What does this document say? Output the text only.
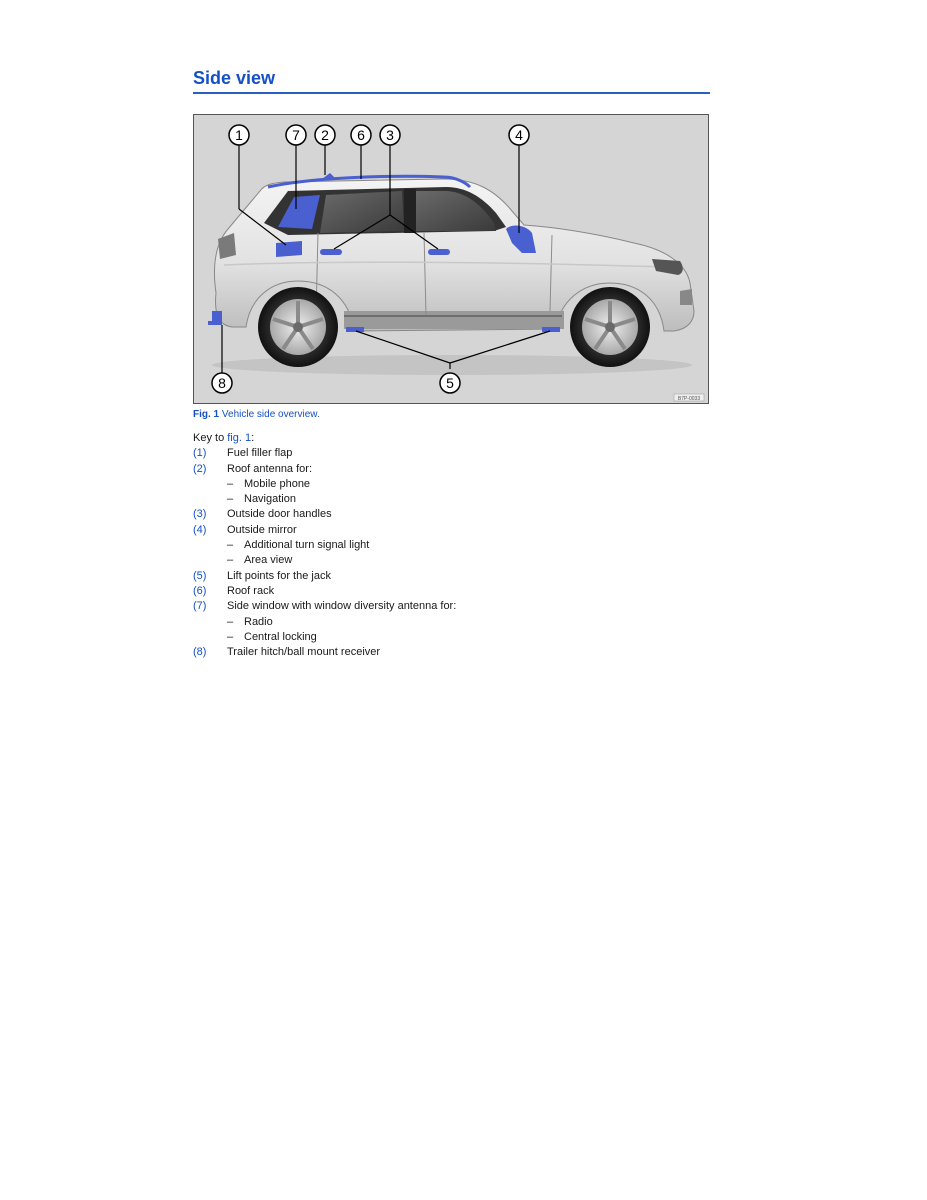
Side view
1	7 2 6 3	4
8	5
B7P-0033
Fig. 1 Vehicle side overview.
Key to fig. 1:
(1) Fuel filler flap
(2) Roof antenna for:
– Mobile phone
– Navigation
(3) Outside door handles
(4) Outside mirror
– Additional turn signal light
– Area view
(5) Lift points for the jack
(6) Roof rack
(7) Side window with window diversity antenna for:
– Radio
– Central locking
(8) Trailer hitch/ball mount receiver
